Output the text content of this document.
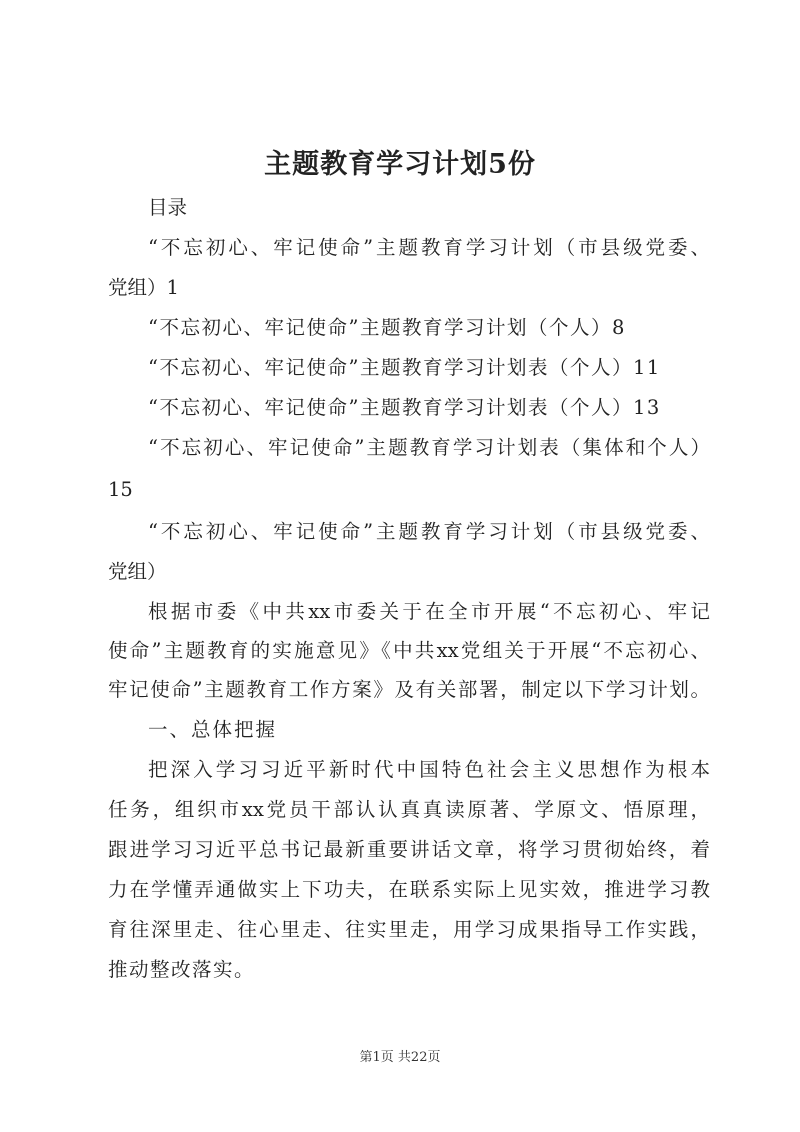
主题教育学习计划5份
目录
“不忘初心、牢记使命”主题教育学习计划（市县级党委、
党组）1
“不忘初心、牢记使命”主题教育学习计划（个人）8
“不忘初心、牢记使命”主题教育学习计划表（个人）11
“不忘初心、牢记使命”主题教育学习计划表（个人）13
“不忘初心、牢记使命”主题教育学习计划表（集体和个人）
15
“不忘初心、牢记使命”主题教育学习计划（市县级党委、
党组）
根据市委《中共xx市委关于在全市开展“不忘初心、牢记
使命”主题教育的实施意见》《中共xx党组关于开展“不忘初心、
牢记使命”主题教育工作方案》及有关部署，制定以下学习计划。
一、总体把握
把深入学习习近平新时代中国特色社会主义思想作为根本
任务，组织市xx党员干部认认真真读原著、学原文、悟原理，
跟进学习习近平总书记最新重要讲话文章，将学习贯彻始终，着
力在学懂弄通做实上下功夫，在联系实际上见实效，推进学习教
育往深里走、往心里走、往实里走，用学习成果指导工作实践，
推动整改落实。
第1页 共22页
